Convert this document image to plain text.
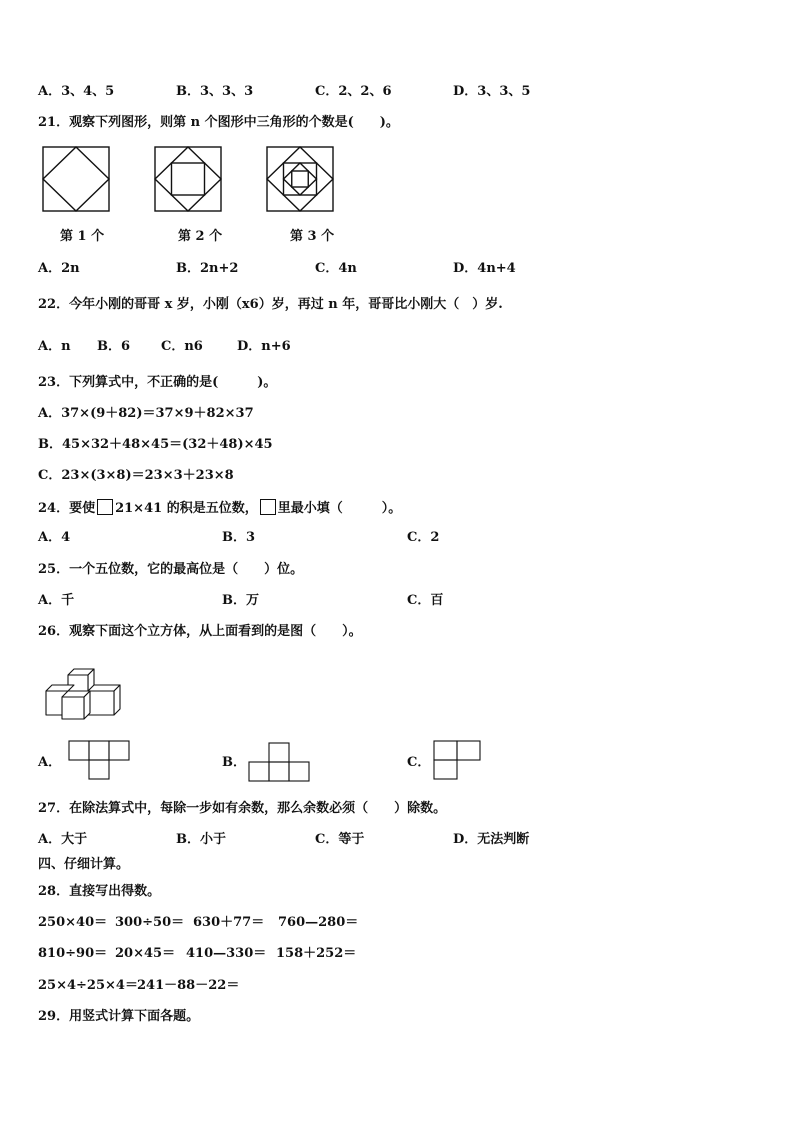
A．3、4、5	B．3、3、3	C．2、2、6	D．3、3、5
21．观察下列图形，则第 n 个图形中三角形的个数是(　　)。
第 1 个	第 2 个	第 3 个
A．2n	B．2n+2	C．4n	D．4n+4
22．今年小刚的哥哥 x 岁，小刚（x6）岁，再过 n 年，哥哥比小刚大（　）岁.
A．n B．6 C．n6	D．n+6
23．下列算式中，不正确的是(　　　)。
A．37×(9＋82)＝37×9＋82×37
B．45×32＋48×45＝(32＋48)×45
C．23×(3×8)＝23×3＋23×8
24．要使 21×41 的积是五位数， 里最小填（　　　）。
A．4	B．3	C．2
25．一个五位数，它的最高位是（　　）位。
A．千	B．万	C．百
26．观察下面这个立方体，从上面看到的是图（　　）。
A．	B．	C．
27．在除法算式中，每除一步如有余数，那么余数必须（　　）除数。
A．大于	B．小于	C．等于	D．无法判断
四、仔细计算。
28．直接写出得数。
250×40＝ 300÷50＝ 630＋77＝ 760—280＝
810÷90＝ 20×45＝ 410—330＝ 158＋252＝
25×4÷25×4＝ 241－88－22＝
29．用竖式计算下面各题。
